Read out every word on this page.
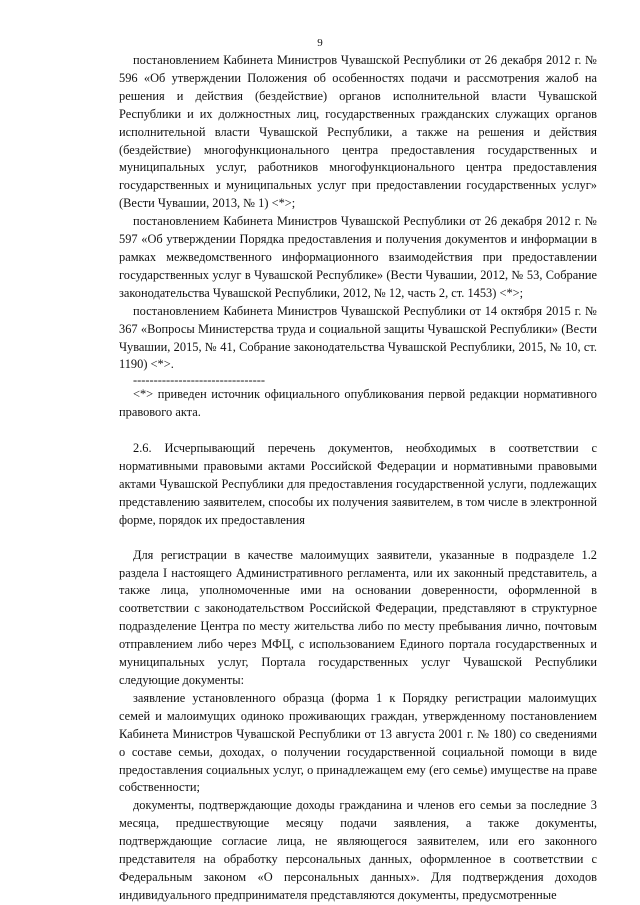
9

постановлением Кабинета Министров Чувашской Республики от 26 декабря 2012 г. № 596 «Об утверждении Положения об особенностях подачи и рассмотрения жалоб на решения и действия (бездействие) органов исполнительной власти Чувашской Республики и их должностных лиц, государственных гражданских служащих органов исполнительной власти Чувашской Республики, а также на решения и действия (бездействие) многофункционального центра предоставления государственных и муниципальных услуг, работников многофункционального центра предоставления государственных и муниципальных услуг при предоставлении государственных услуг» (Вести Чувашии, 2013, № 1) <*>;

постановлением Кабинета Министров Чувашской Республики от 26 декабря 2012 г. № 597 «Об утверждении Порядка предоставления и получения документов и информации в рамках межведомственного информационного взаимодействия при предоставлении государственных услуг в Чувашской Республике» (Вести Чувашии, 2012, № 53, Собрание законодательства Чувашской Республики, 2012, № 12, часть 2, ст. 1453) <*>;

постановлением Кабинета Министров Чувашской Республики от 14 октября 2015 г. № 367 «Вопросы Министерства труда и социальной защиты Чувашской Республики» (Вести Чувашии, 2015, № 41, Собрание законодательства Чувашской Республики, 2015, № 10, ст. 1190) <*>.

--------------------------------

<*> приведен источник официального опубликования первой редакции нормативного правового акта.

2.6. Исчерпывающий перечень документов, необходимых в соответствии с нормативными правовыми актами Российской Федерации и нормативными правовыми актами Чувашской Республики для предоставления государственной услуги, подлежащих представлению заявителем, способы их получения заявителем, в том числе в электронной форме, порядок их предоставления

Для регистрации в качестве малоимущих заявители, указанные в подразделе 1.2 раздела I настоящего Административного регламента, или их законный представитель, а также лица, уполномоченные ими на основании доверенности, оформленной в соответствии с законодательством Российской Федерации, представляют в структурное подразделение Центра по месту жительства либо по месту пребывания лично, почтовым отправлением либо через МФЦ, с использованием Единого портала государственных и муниципальных услуг, Портала государственных услуг Чувашской Республики следующие документы:

заявление установленного образца (форма 1 к Порядку регистрации малоимущих семей и малоимущих одиноко проживающих граждан, утвержденному постановлением Кабинета Министров Чувашской Республики от 13 августа 2001 г. № 180) со сведениями о составе семьи, доходах, о получении государственной социальной помощи в виде предоставления социальных услуг, о принадлежащем ему (его семье) имуществе на праве собственности;

документы, подтверждающие доходы гражданина и членов его семьи за последние 3 месяца, предшествующие месяцу подачи заявления, а также документы, подтверждающие согласие лица, не являющегося заявителем, или его законного представителя на обработку персональных данных, оформленное в соответствии с Федеральным законом «О персональных данных». Для подтверждения доходов индивидуального предпринимателя представляются документы, предусмотренные
